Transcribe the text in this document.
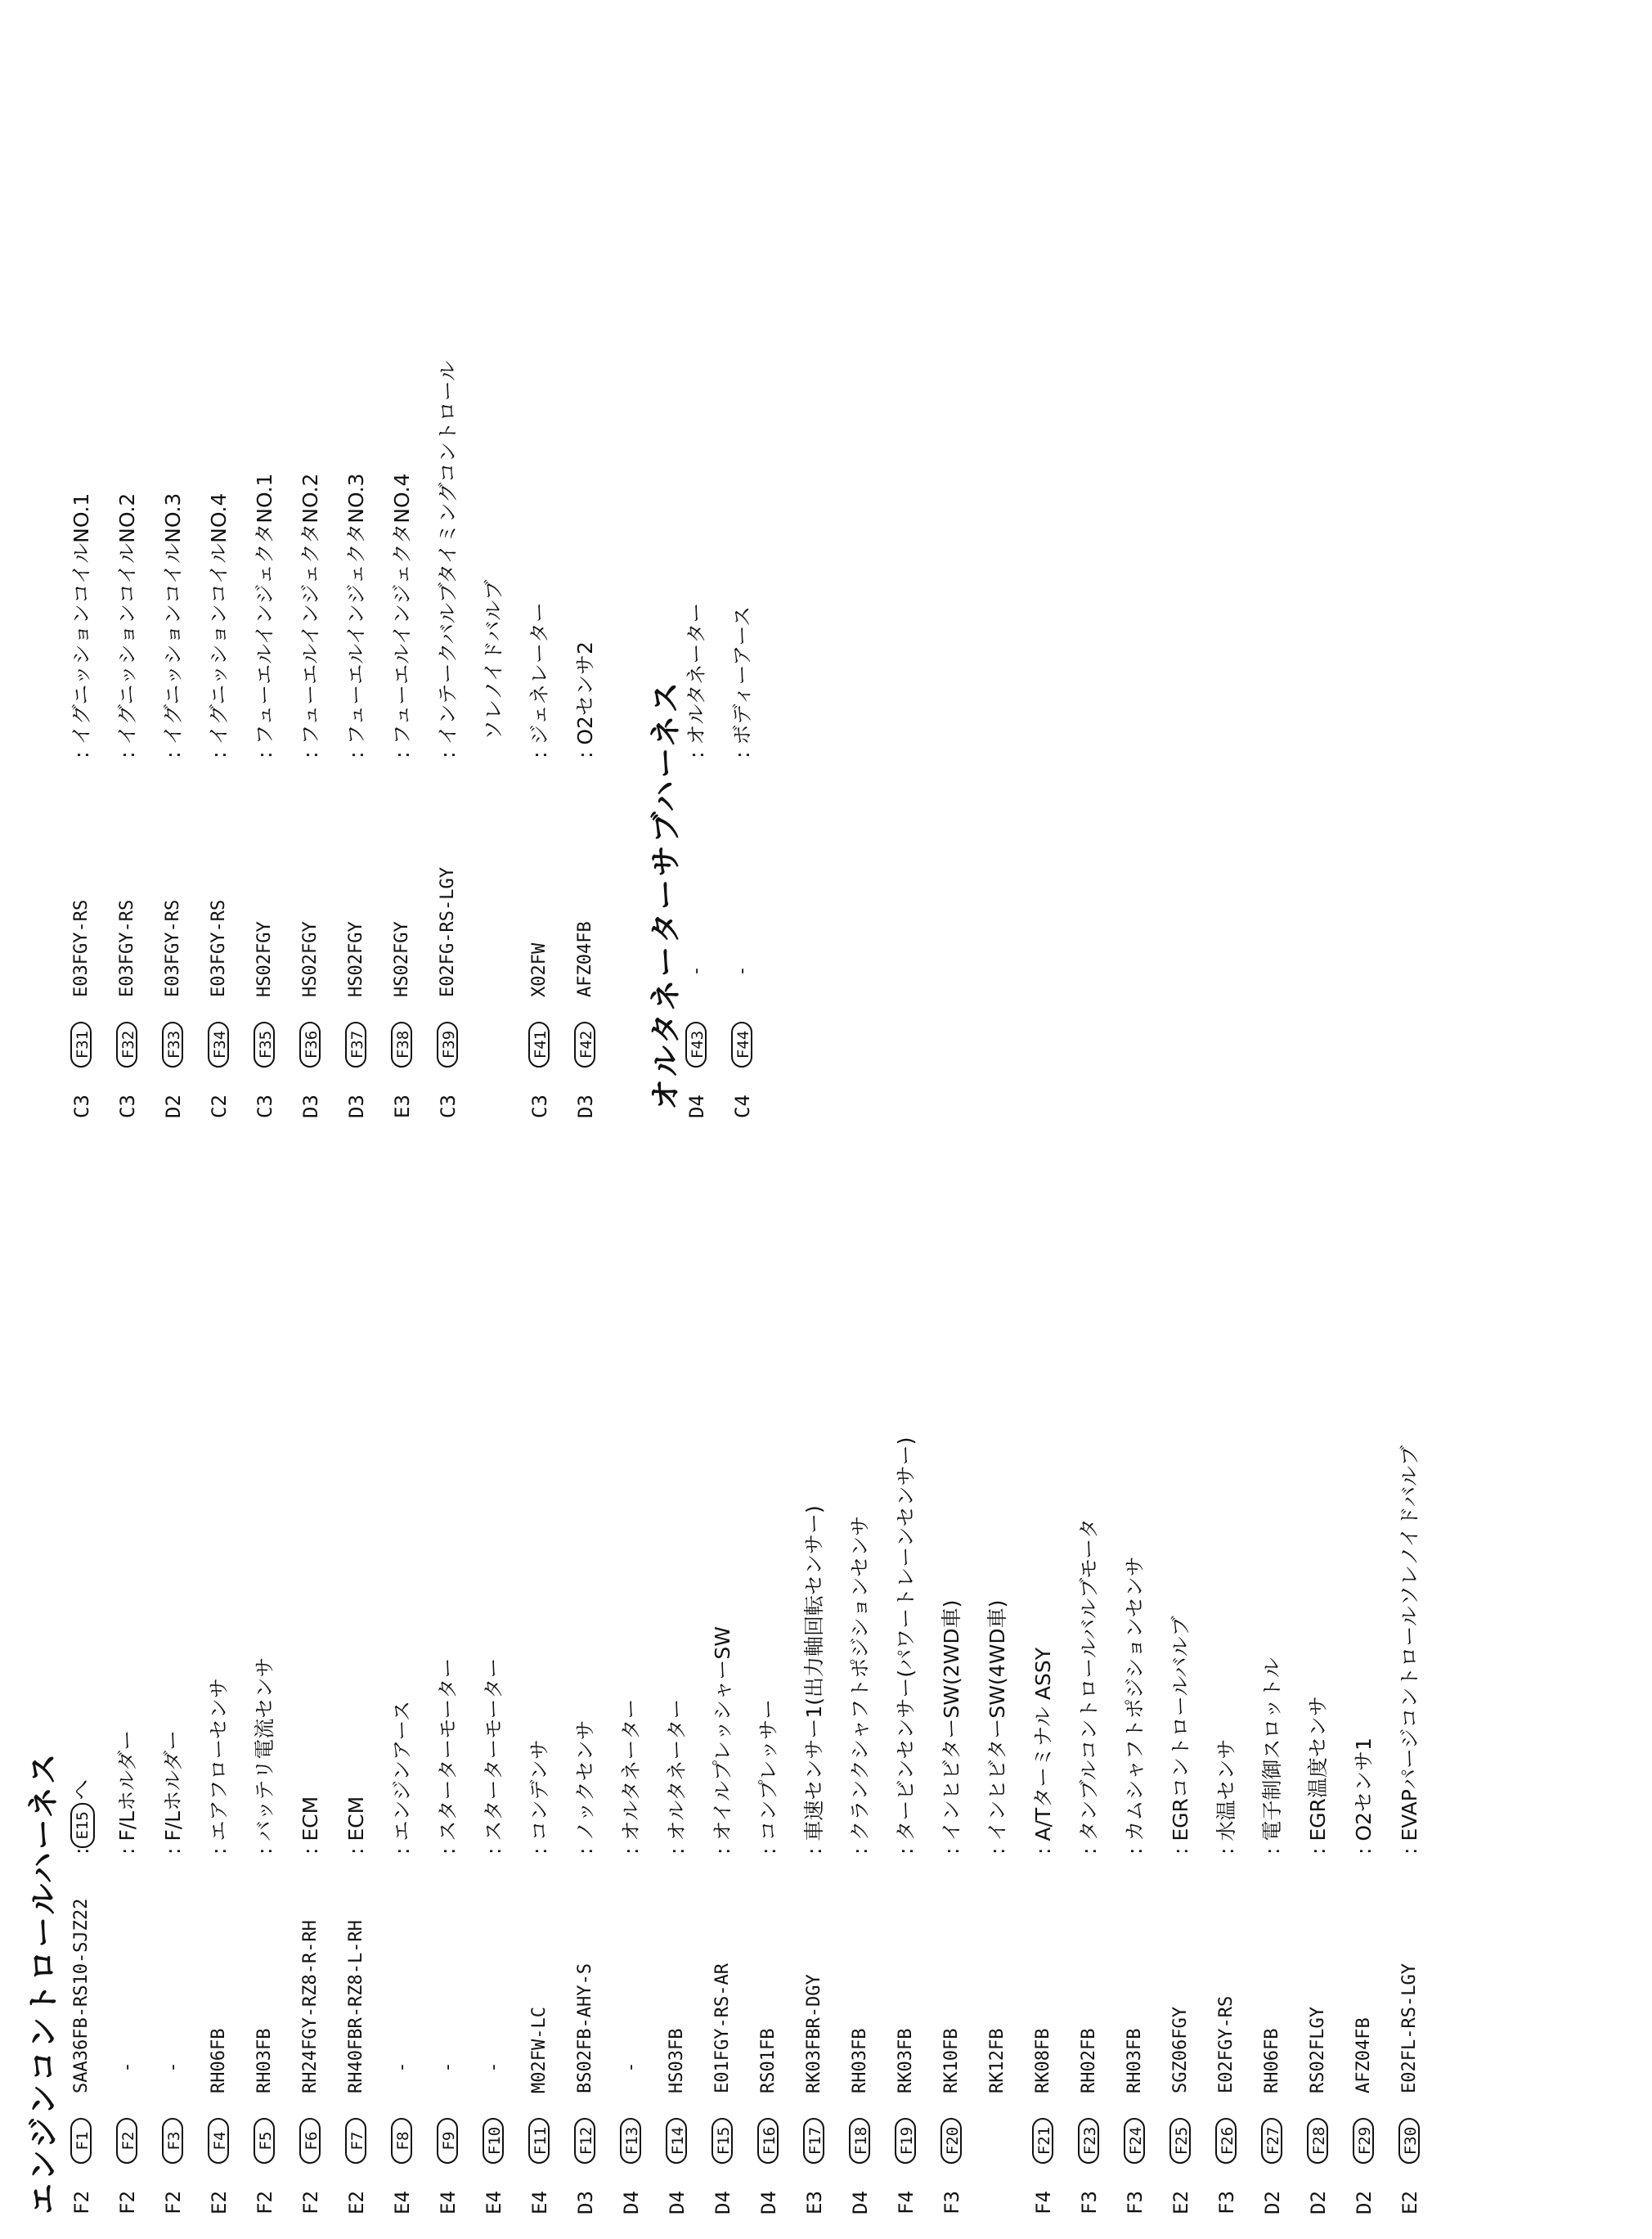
エンジンコントロールハーネス F2
F1
SAA36FB-RS10-SJZ22
:E15へ
F2
F2
-
: F/Lホルダー
F2
F3
-
: F/Lホルダー
E2
F4
RH06FB
: エアフローセンサ
F2
F5
RH03FB
: バッテリ電流センサ
F2
F6
RH24FGY-RZ8-R-RH
: ECM
E2
F7
RH40FBR-RZ8-L-RH
: ECM
E4
F8
-
: エンジンアース
E4
F9
-
: スターターモーター
E4
F10
-
: スターターモーター
E4
F11
M02FW-LC
: コンデンサ
D3
F12
BS02FB-AHY-S
: ノックセンサ
D4
F13
-
: オルタネーター
D4
F14
HS03FB
: オルタネーター
D4
F15
E01FGY-RS-AR
: オイルプレッシャーSW
D4
F16
RS01FB
: コンプレッサー
E3
F17
RK03FBR-DGY
: 車速センサー1(出力軸回転センサー)
D4
F18
RH03FB
: クランクシャフトポジションセンサ
F4
F19
RK03FB
: タービンセンサー(パワートレーンセンサー)
F3
F20
RK10FB
: インヒビターSW(2WD車)
RK12FB
: インヒビターSW(4WD車)
F4
F21
RK08FB
: A/Tターミナル ASSY
F3
F23
RH02FB
: タンブルコントロールバルブモータ
F3
F24
RH03FB
: カムシャフトポジションセンサ
E2
F25
SGZ06FGY
: EGRコントロールバルブ
F3
F26
E02FGY-RS
: 水温センサ
D2
F27
RH06FB
: 電子制御スロットル
D2
F28
RS02FLGY
: EGR温度センサ
D2
F29
AFZ04FB
: O2センサ1
E2
F30
E02FL-RS-LGY
: EVAPパージコントロールソレノイドバルブ
C3
F31
E03FGY-RS
: イグニッションコイルNO.1
C3
F32
E03FGY-RS
: イグニッションコイルNO.2
D2
F33
E03FGY-RS
: イグニッションコイルNO.3
C2
F34
E03FGY-RS
: イグニッションコイルNO.4
C3
F35
HS02FGY
: フューエルインジェクタNO.1
D3
F36
HS02FGY
: フューエルインジェクタNO.2
D3
F37
HS02FGY
: フューエルインジェクタNO.3
E3
F38
HS02FGY
: フューエルインジェクタNO.4
C3
F39
E02FG-RS-LGY
: インテークバルブタイミングコントロール ソレノイドバルブ
C3
F41
X02FW
: ジェネレーター
D3
F42
AFZ04FB
: O2センサ2 オルタネーターサブハーネス D4
F43
-
: オルタネーター
C4
F44
-
: ボディーアース
